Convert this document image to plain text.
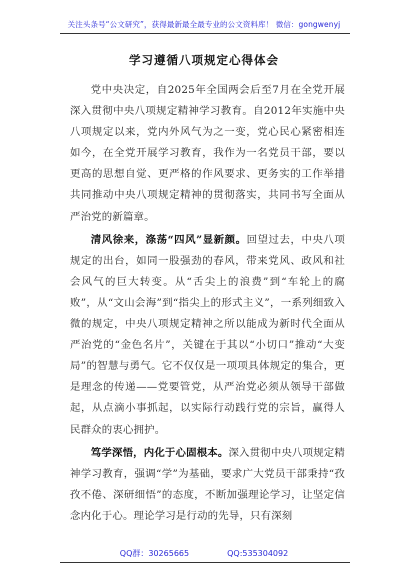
关注头条号“公文研究”，获得最新最全最专业的公文资料库！ 微信：gongwenyj
学习遵循八项规定心得体会

党中央决定，自2025年全国两会后至7月在全党开展深入贯彻中央八项规定精神学习教育。自2012年实施中央八项规定以来，党内外风气为之一变，党心民心紧密相连如今，在全党开展学习教育，我作为一名党员干部，要以更高的思想自觉、更严格的作风要求、更务实的工作举措共同推动中央八项规定精神的贯彻落实，共同书写全面从严治党的新篇章。

清风徐来，涤荡“四风”显新颜。回望过去，中央八项规定的出台，如同一股强劲的春风，带来党风、政风和社会风气的巨大转变。从“舌尖上的浪费”到“车轮上的腐败”，从“文山会海”到“指尖上的形式主义”，一系列细致入微的规定，中央八项规定精神之所以能成为新时代全面从严治党的“金色名片”，关键在于其以“小切口”推动“大变局”的智慧与勇气。它不仅仅是一项项具体规定的集合，更是理念的传递——党要管党，从严治党必须从领导干部做起，从点滴小事抓起，以实际行动践行党的宗旨，赢得人民群众的衷心拥护。

笃学深悟，内化于心固根本。深入贯彻中央八项规定精神学习教育，强调“学”为基础，要求广大党员干部秉持“孜孜不倦、深研细悟”的态度，不断加强理论学习，让坚定信念内化于心。理论学习是行动的先导，只有深刻

QQ群：30265665	QQ:535304092
